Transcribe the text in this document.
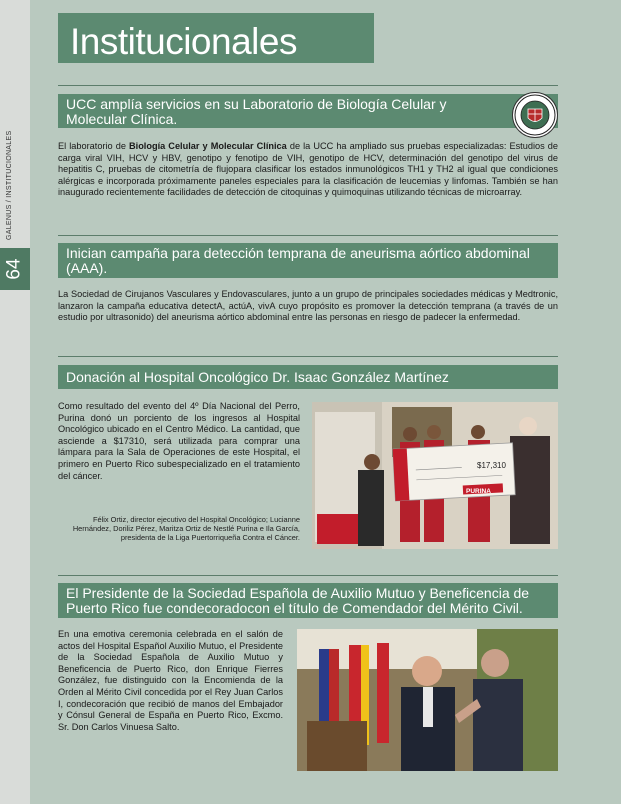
GALENUS / INSTITUCIONALES
64
Institucionales
UCC amplía servicios en su Laboratorio de Biología Celular y Molecular Clínica.
El laboratorio de Biología Celular y Molecular Clínica de la UCC ha ampliado sus pruebas especializadas: Estudios de carga viral VIH, HCV y HBV, genotipo y fenotipo de VIH, genotipo de HCV, determinación del genotipo del virus de hepatitis C, pruebas de citometría de flujopara clasificar los estados inmunológicos TH1 y TH2 al igual que condiciones alérgicas e incorporada próximamente paneles especiales para la clasificación de leucemias y linfomas. También se han inaugurado recientemente facilidades de detección de citoquinas y quimoquinas utilizando técnicas de microarray.
Inician campaña para detección temprana de aneurisma aórtico abdominal (AAA).
La Sociedad de Cirujanos Vasculares y Endovasculares, junto a un grupo de principales sociedades médicas y Medtronic, lanzaron la campaña educativa detectA, actúA, vivA cuyo propósito es promover la detección temprana (a través de un estudio por ultrasonido) del aneurisma aórtico abdominal entre las personas en riesgo de padecer la enfermedad.
Donación al Hospital Oncológico Dr. Isaac González Martínez
Como resultado del evento del 4º Día Nacional del Perro, Purina donó un porciento de los ingresos al Hospital Oncológico ubicado en el Centro Médico. La cantidad, que asciende a $17310, será utilizada para comprar una lámpara para la Sala de Operaciones de este Hospital, el primero en Puerto Rico subespecializado en el tratamiento del cáncer.
Félix Ortiz, director ejecutivo del Hospital Oncológico; Lucianne Hernández, Doriliz Pérez, Maritza Ortiz de Nestlé Purina e Ila García, presidenta de la Liga Puertorriqueña Contra el Cáncer.
$17,310
PURINA
El Presidente de la Sociedad Española de Auxilio Mutuo y Beneficencia de Puerto Rico fue condecoradocon el título de Comendador del Mérito Civil.
En una emotiva ceremonia celebrada en el salón de actos del Hospital Español Auxilio Mutuo, el Presidente de la Sociedad Española de Auxilio Mutuo y Beneficencia de Puerto Rico, don Enrique Fierres González, fue distinguido con la Encomienda de la Orden al Mérito Civil concedida por el Rey Juan Carlos I, condecoración que recibió de manos del Embajador y Cónsul General de España en Puerto Rico, Excmo. Sr. Don Carlos Vinuesa Salto.
